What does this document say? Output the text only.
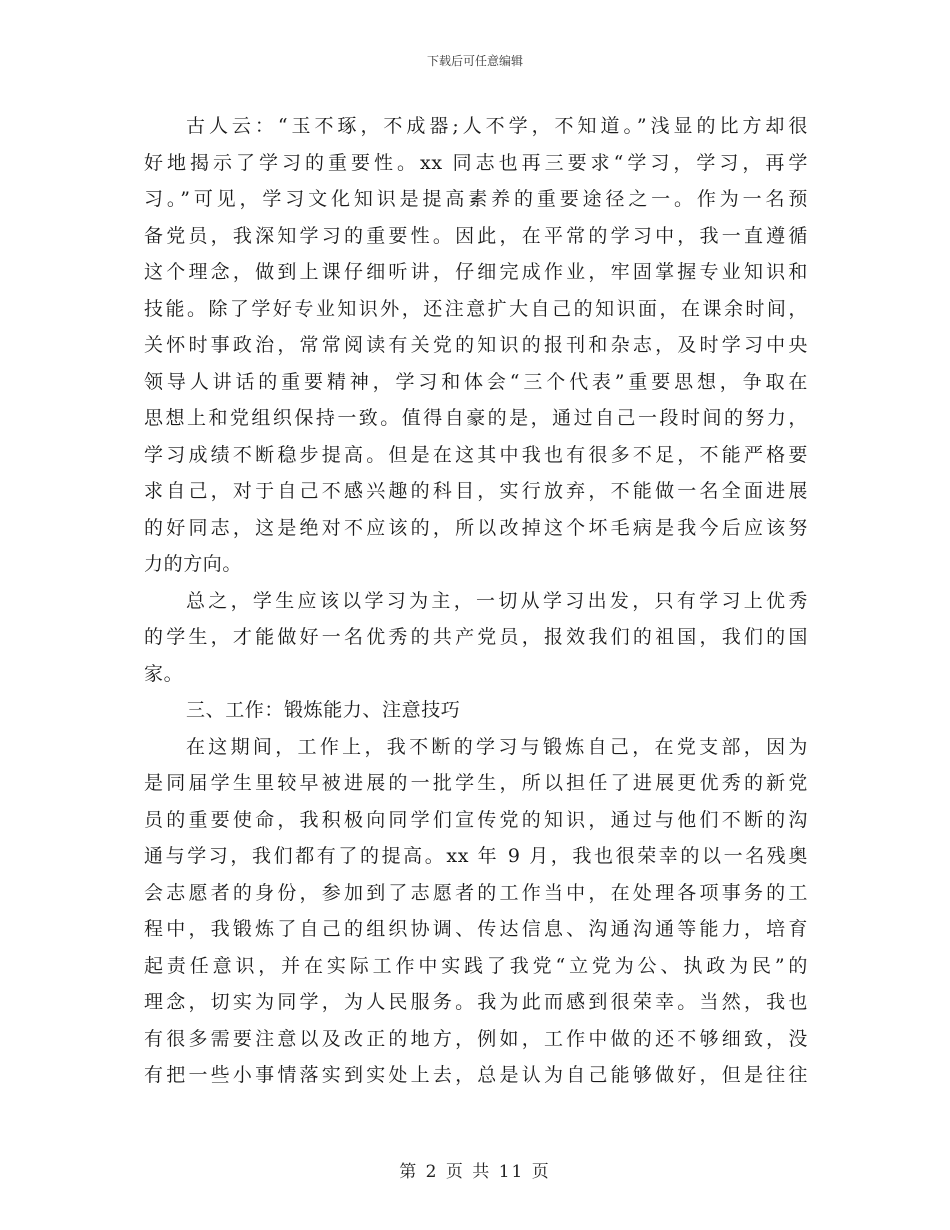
下载后可任意编辑
古人云：“玉不琢，不成器;人不学，不知道。”浅显的比方却很
好地揭示了学习的重要性。xx 同志也再三要求“学习，学习，再学
习。”可见，学习文化知识是提高素养的重要途径之一。作为一名预
备党员，我深知学习的重要性。因此，在平常的学习中，我一直遵循
这个理念，做到上课仔细听讲，仔细完成作业，牢固掌握专业知识和
技能。除了学好专业知识外，还注意扩大自己的知识面，在课余时间，
关怀时事政治，常常阅读有关党的知识的报刊和杂志，及时学习中央
领导人讲话的重要精神，学习和体会“三个代表”重要思想，争取在
思想上和党组织保持一致。值得自豪的是，通过自己一段时间的努力，
学习成绩不断稳步提高。但是在这其中我也有很多不足，不能严格要
求自己，对于自己不感兴趣的科目，实行放弃，不能做一名全面进展
的好同志，这是绝对不应该的，所以改掉这个坏毛病是我今后应该努
力的方向。
总之，学生应该以学习为主，一切从学习出发，只有学习上优秀
的学生，才能做好一名优秀的共产党员，报效我们的祖国，我们的国
家。
三、工作：锻炼能力、注意技巧
在这期间，工作上，我不断的学习与锻炼自己，在党支部，因为
是同届学生里较早被进展的一批学生，所以担任了进展更优秀的新党
员的重要使命，我积极向同学们宣传党的知识，通过与他们不断的沟
通与学习，我们都有了的提高。xx 年 9 月，我也很荣幸的以一名残奥
会志愿者的身份，参加到了志愿者的工作当中，在处理各项事务的工
程中，我锻炼了自己的组织协调、传达信息、沟通沟通等能力，培育
起责任意识，并在实际工作中实践了我党“立党为公、执政为民”的
理念，切实为同学，为人民服务。我为此而感到很荣幸。当然，我也
有很多需要注意以及改正的地方，例如，工作中做的还不够细致，没
有把一些小事情落实到实处上去，总是认为自己能够做好，但是往往
第 2 页 共 11 页
